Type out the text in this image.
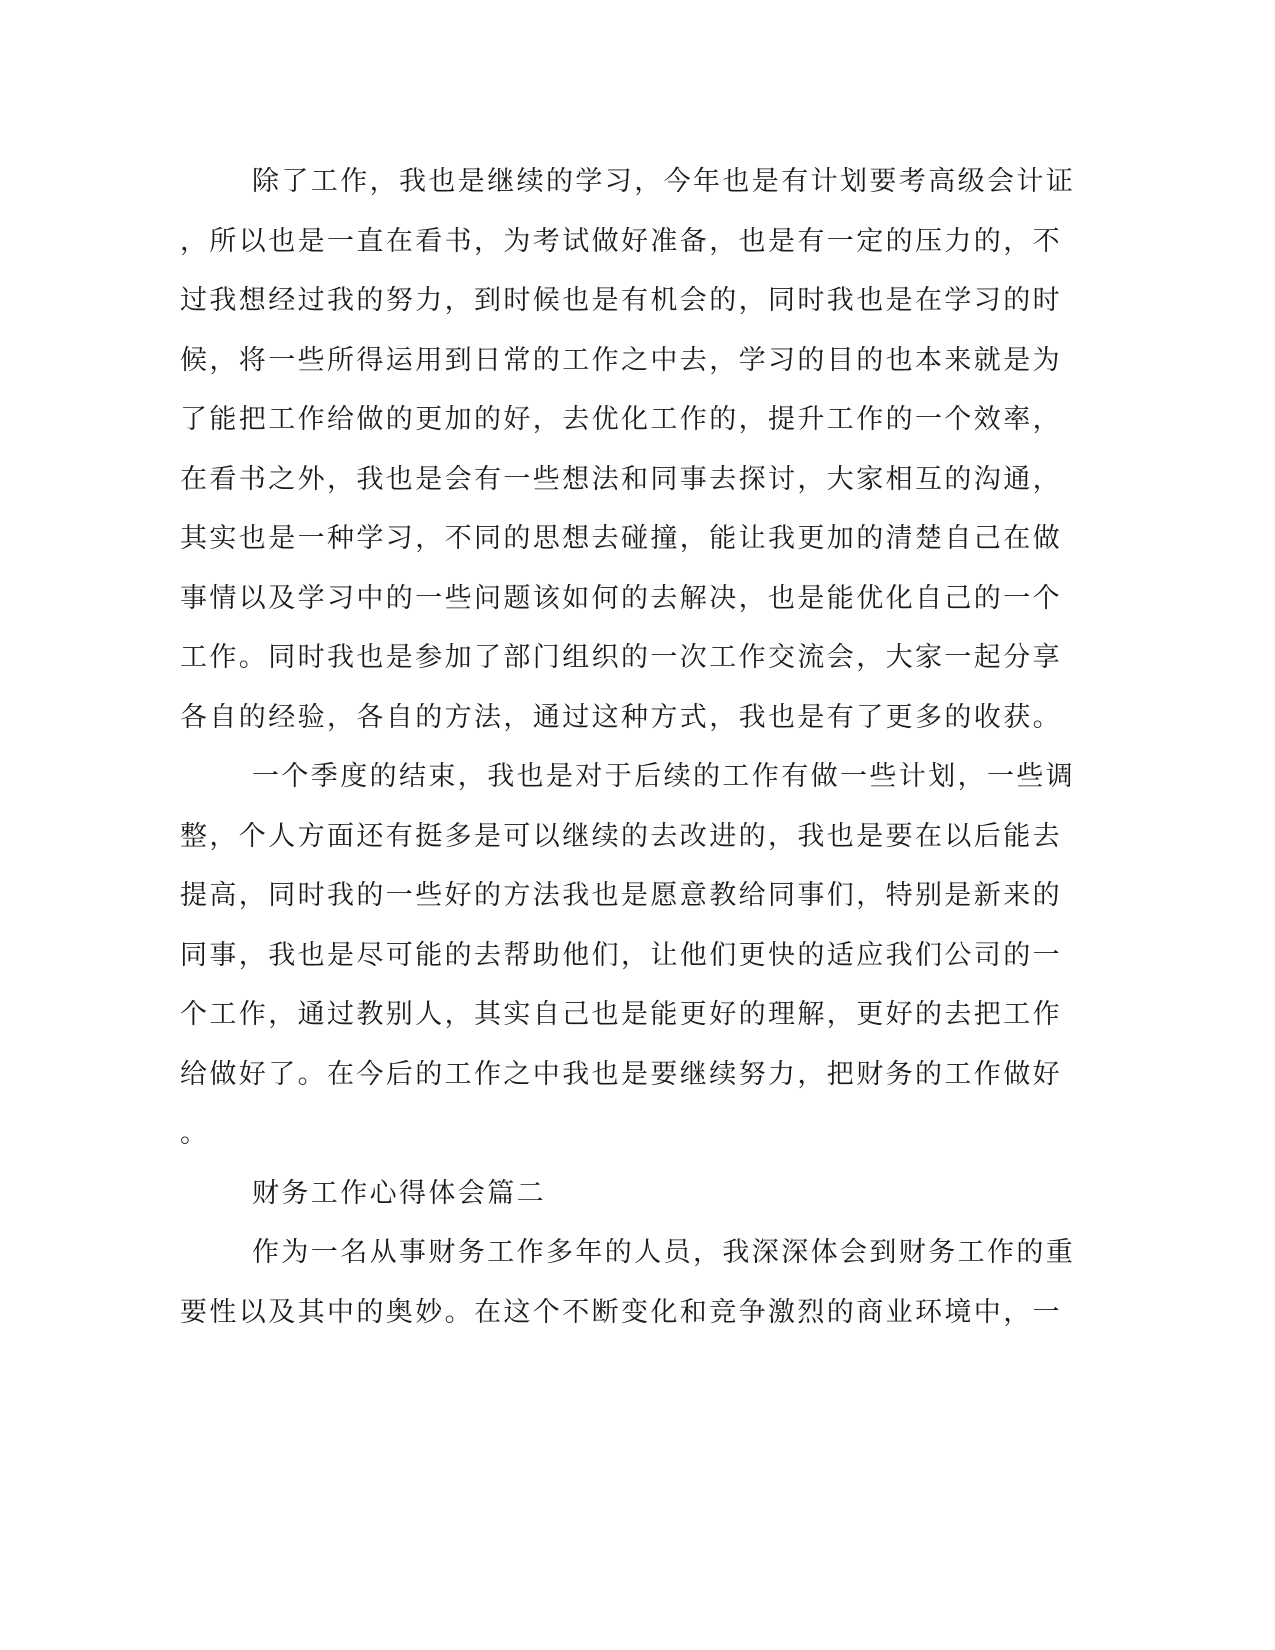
除了工作，我也是继续的学习，今年也是有计划要考高级会计证
，所以也是一直在看书，为考试做好准备，也是有一定的压力的，不
过我想经过我的努力，到时候也是有机会的，同时我也是在学习的时
候，将一些所得运用到日常的工作之中去，学习的目的也本来就是为
了能把工作给做的更加的好，去优化工作的，提升工作的一个效率，
在看书之外，我也是会有一些想法和同事去探讨，大家相互的沟通，
其实也是一种学习，不同的思想去碰撞，能让我更加的清楚自己在做
事情以及学习中的一些问题该如何的去解决，也是能优化自己的一个
工作。同时我也是参加了部门组织的一次工作交流会，大家一起分享
各自的经验，各自的方法，通过这种方式，我也是有了更多的收获。
一个季度的结束，我也是对于后续的工作有做一些计划，一些调
整，个人方面还有挺多是可以继续的去改进的，我也是要在以后能去
提高，同时我的一些好的方法我也是愿意教给同事们，特别是新来的
同事，我也是尽可能的去帮助他们，让他们更快的适应我们公司的一
个工作，通过教别人，其实自己也是能更好的理解，更好的去把工作
给做好了。在今后的工作之中我也是要继续努力，把财务的工作做好
。
财务工作心得体会篇二
作为一名从事财务工作多年的人员，我深深体会到财务工作的重
要性以及其中的奥妙。在这个不断变化和竞争激烈的商业环境中，一
